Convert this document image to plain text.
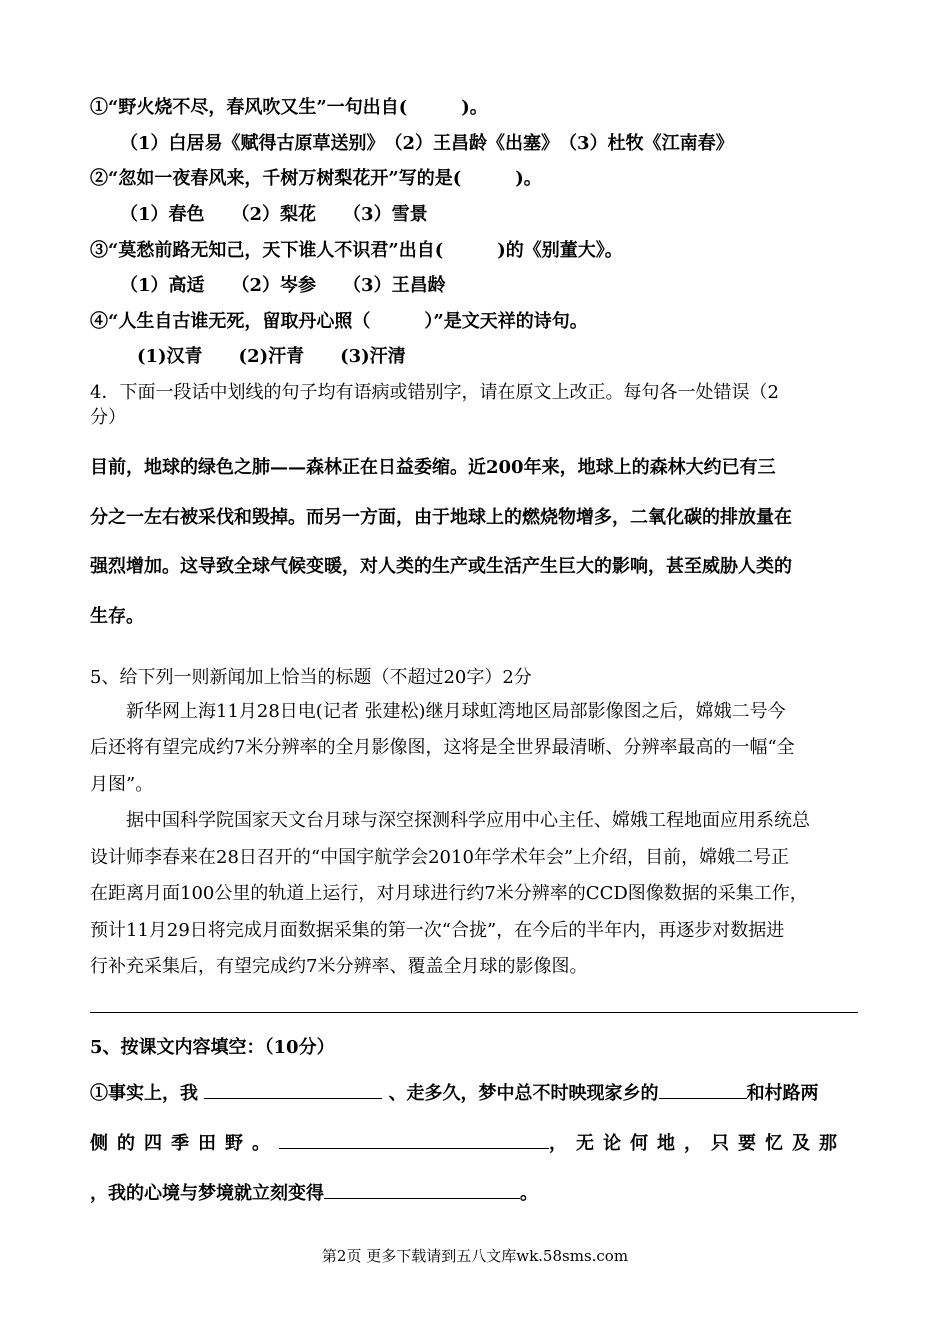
①“野火烧不尽，春风吹又生”一句出自(　　　)。
（1）白居易《赋得古原草送别》　（2）王昌龄《出塞》　（3）杜牧《江南春》
②“忽如一夜春风来，千树万树梨花开”写的是(　　　)。
（1）春色　　（2）梨花　　（3）雪景
③“莫愁前路无知己，天下谁人不识君”出自(　　　)的《别董大》。
（1）高适　　（2）岑参　　（3）王昌龄
④“人生自古谁无死，留取丹心照（　　　）”是文天祥的诗句。
(1)汉青　　(2)汗青　　(3)汗清
4．下面一段话中划线的句子均有语病或错别字，请在原文上改正。每句各一处错误（2
分）
目前，地球的绿色之肺——森林正在日益委缩。近200年来，地球上的森林大约已有三
分之一左右被采伐和毁掉。而另一方面，由于地球上的燃烧物增多，二氧化碳的排放量在
强烈增加。这导致全球气候变暖，对人类的生产或生活产生巨大的影响，甚至威胁人类的
生存。
5、给下列一则新闻加上恰当的标题（不超过20字）2分
　　新华网上海11月28日电(记者 张建松)继月球虹湾地区局部影像图之后，嫦娥二号今
后还将有望完成约7米分辨率的全月影像图，这将是全世界最清晰、分辨率最高的一幅“全
月图”。
　　据中国科学院国家天文台月球与深空探测科学应用中心主任、嫦娥工程地面应用系统总
设计师李春来在28日召开的“中国宇航学会2010年学术年会”上介绍，目前，嫦娥二号正
在距离月面100公里的轨道上运行，对月球进行约7米分辨率的CCD图像数据的采集工作，
预计11月29日将完成月面数据采集的第一次“合拢”，在今后的半年内，再逐步对数据进
行补充采集后，有望完成约7米分辨率、覆盖全月球的影像图。
5、按课文内容填空：（10分）
①事实上，我	、走多久，梦中总不时映现家乡的	和村路两
侧的四季田野。	，无论何地，只要忆及那
，我的心境与梦境就立刻变得	。
第2页 更多下载请到五八文库wk.58sms.com
